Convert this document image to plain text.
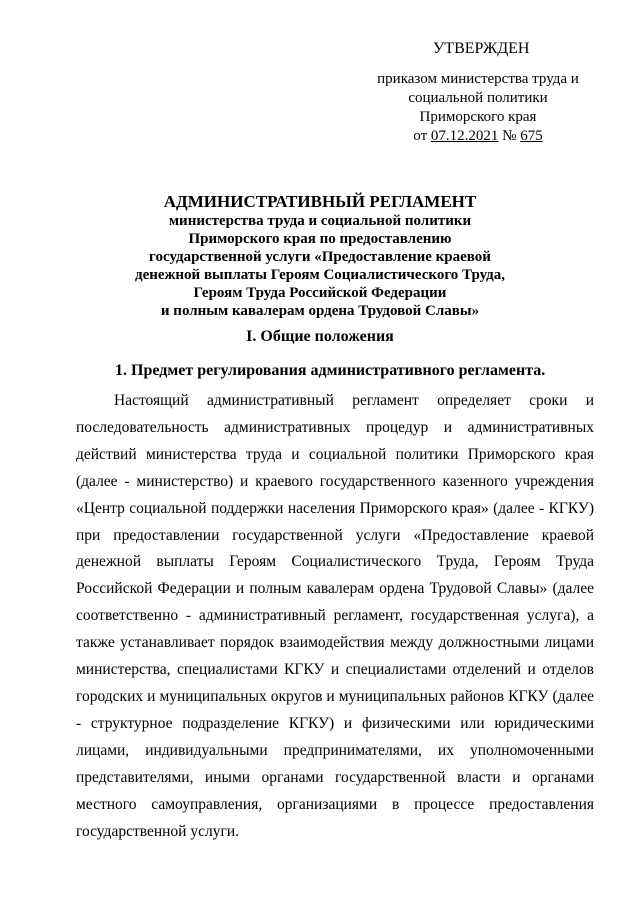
УТВЕРЖДЕН
приказом министерства труда и
социальной политики
Приморского края
от 07.12.2021 № 675
АДМИНИСТРАТИВНЫЙ РЕГЛАМЕНТ
министерства труда и социальной политики
Приморского края по предоставлению
государственной услуги «Предоставление краевой
денежной выплаты Героям Социалистического Труда,
Героям Труда Российской Федерации
и полным кавалерам ордена Трудовой Славы»
I. Общие положения
1. Предмет регулирования административного регламента.

Настоящий административный регламент определяет сроки и последовательность административных процедур и административных действий министерства труда и социальной политики Приморского края (далее - министерство) и краевого государственного казенного учреждения «Центр социальной поддержки населения Приморского края» (далее - КГКУ) при предоставлении государственной услуги «Предоставление краевой денежной выплаты Героям Социалистического Труда, Героям Труда Российской Федерации и полным кавалерам ордена Трудовой Славы» (далее соответственно - административный регламент, государственная услуга), а также устанавливает порядок взаимодействия между должностными лицами министерства, специалистами КГКУ и специалистами отделений и отделов городских и муниципальных округов и муниципальных районов КГКУ (далее - структурное подразделение КГКУ) и физическими или юридическими лицами, индивидуальными предпринимателями, их уполномоченными представителями, иными органами государственной власти и органами местного самоуправления, организациями в процессе предоставления государственной услуги.
